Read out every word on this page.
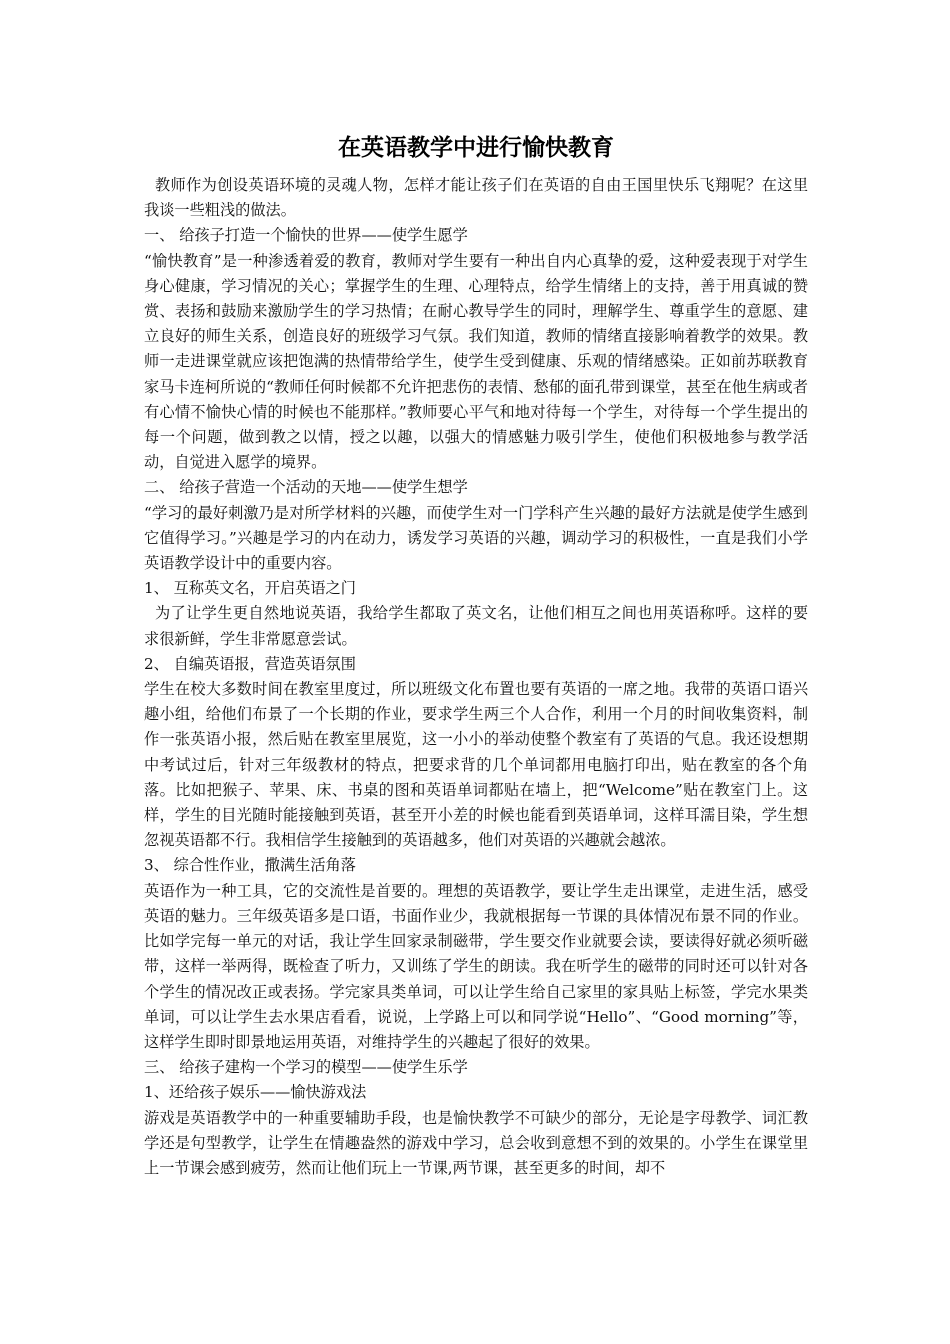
在英语教学中进行愉快教育

教师作为创设英语环境的灵魂人物，怎样才能让孩子们在英语的自由王国里快乐飞翔呢？在这里我谈一些粗浅的做法。

一、 给孩子打造一个愉快的世界——使学生愿学

“愉快教育”是一种渗透着爱的教育，教师对学生要有一种出自内心真挚的爱，这种爱表现于对学生身心健康，学习情况的关心；掌握学生的生理、心理特点，给学生情绪上的支持，善于用真诚的赞赏、表扬和鼓励来激励学生的学习热情；在耐心教导学生的同时，理解学生、尊重学生的意愿、建立良好的师生关系，创造良好的班级学习气氛。我们知道，教师的情绪直接影响着教学的效果。教师一走进课堂就应该把饱满的热情带给学生，使学生受到健康、乐观的情绪感染。正如前苏联教育家马卡连柯所说的“教师任何时候都不允许把悲伤的表情、愁郁的面孔带到课堂，甚至在他生病或者有心情不愉快心情的时候也不能那样。”教师要心平气和地对待每一个学生，对待每一个学生提出的每一个问题，做到教之以情，授之以趣，以强大的情感魅力吸引学生，使他们积极地参与教学活动，自觉进入愿学的境界。

二、 给孩子营造一个活动的天地——使学生想学

“学习的最好刺激乃是对所学材料的兴趣，而使学生对一门学科产生兴趣的最好方法就是使学生感到它值得学习。”兴趣是学习的内在动力，诱发学习英语的兴趣，调动学习的积极性，一直是我们小学英语教学设计中的重要内容。

1、 互称英文名，开启英语之门

为了让学生更自然地说英语，我给学生都取了英文名，让他们相互之间也用英语称呼。这样的要求很新鲜，学生非常愿意尝试。

2、 自编英语报，营造英语氛围

学生在校大多数时间在教室里度过，所以班级文化布置也要有英语的一席之地。我带的英语口语兴趣小组，给他们布景了一个长期的作业，要求学生两三个人合作，利用一个月的时间收集资料，制作一张英语小报，然后贴在教室里展览，这一小小的举动使整个教室有了英语的气息。我还设想期中考试过后，针对三年级教材的特点，把要求背的几个单词都用电脑打印出，贴在教室的各个角落。比如把猴子、苹果、床、书桌的图和英语单词都贴在墙上，把“Welcome”贴在教室门上。这样，学生的目光随时能接触到英语，甚至开小差的时候也能看到英语单词，这样耳濡目染，学生想忽视英语都不行。我相信学生接触到的英语越多，他们对英语的兴趣就会越浓。

3、 综合性作业，撒满生活角落

英语作为一种工具，它的交流性是首要的。理想的英语教学，要让学生走出课堂，走进生活，感受英语的魅力。三年级英语多是口语，书面作业少，我就根据每一节课的具体情况布景不同的作业。比如学完每一单元的对话，我让学生回家录制磁带，学生要交作业就要会读，要读得好就必须听磁带，这样一举两得，既检查了听力，又训练了学生的朗读。我在听学生的磁带的同时还可以针对各个学生的情况改正或表扬。学完家具类单词，可以让学生给自己家里的家具贴上标签，学完水果类单词，可以让学生去水果店看看，说说，上学路上可以和同学说“Hello”、“Good morning”等，这样学生即时即景地运用英语，对维持学生的兴趣起了很好的效果。

三、 给孩子建构一个学习的模型——使学生乐学

1、还给孩子娱乐——愉快游戏法

游戏是英语教学中的一种重要辅助手段，也是愉快教学不可缺少的部分，无论是字母教学、词汇教学还是句型教学，让学生在情趣盎然的游戏中学习，总会收到意想不到的效果的。小学生在课堂里上一节课会感到疲劳，然而让他们玩上一节课,两节课，甚至更多的时间，却不
